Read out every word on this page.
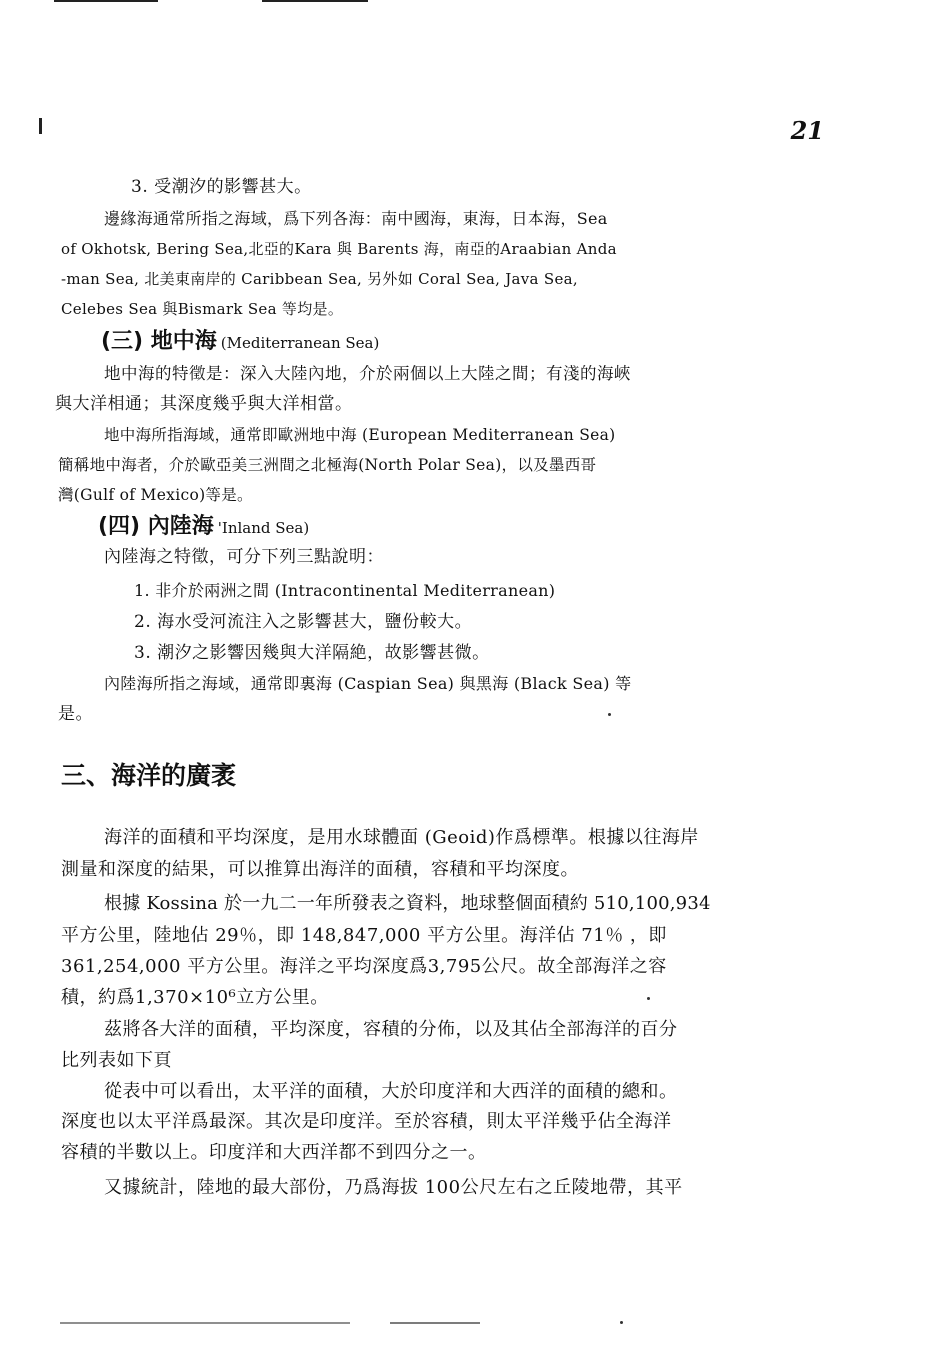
21
3. 受潮汐的影響甚大。
邊緣海通常所指之海域，爲下列各海：南中國海，東海，日本海，Sea
of Okhotsk, Bering Sea,北亞的Kara 與 Barents 海，南亞的Araabian Anda
-man Sea, 北美東南岸的 Caribbean Sea, 另外如 Coral Sea, Java Sea,
Celebes Sea 與Bismark Sea 等均是。
(三) 地中海 (Mediterranean Sea)
地中海的特徵是：深入大陸內地，介於兩個以上大陸之間；有淺的海峽
與大洋相通；其深度幾乎與大洋相當。
地中海所指海域，通常即歐洲地中海 (European Mediterranean Sea)
簡稱地中海者，介於歐亞美三洲間之北極海(North Polar Sea)，以及墨西哥
灣(Gulf of Mexico)等是。
(四) 內陸海 'Inland Sea)
內陸海之特徵，可分下列三點說明：
1. 非介於兩洲之間 (Intracontinental Mediterranean)
2. 海水受河流注入之影響甚大，鹽份較大。
3. 潮汐之影響因幾與大洋隔絶，故影響甚微。
內陸海所指之海域，通常即裏海 (Caspian Sea) 與黑海 (Black Sea) 等
是。
三、海洋的廣袤
海洋的面積和平均深度，是用水球體面 (Geoid)作爲標準。根據以往海岸
測量和深度的結果，可以推算出海洋的面積，容積和平均深度。
根據 Kossina 於一九二一年所發表之資料，地球整個面積約 510,100,934
平方公里，陸地佔 29％，即 148,847,000 平方公里。海洋佔 71％ ，即
361,254,000 平方公里。海洋之平均深度爲3,795公尺。故全部海洋之容
積，約爲1,370×10⁶立方公里。
茲將各大洋的面積，平均深度，容積的分佈，以及其佔全部海洋的百分
比列表如下頁
從表中可以看出，太平洋的面積，大於印度洋和大西洋的面積的總和。
深度也以太平洋爲最深。其次是印度洋。至於容積，則太平洋幾乎佔全海洋
容積的半數以上。印度洋和大西洋都不到四分之一。
又據統計，陸地的最大部份，乃爲海拔 100公尺左右之丘陵地帶，其平
